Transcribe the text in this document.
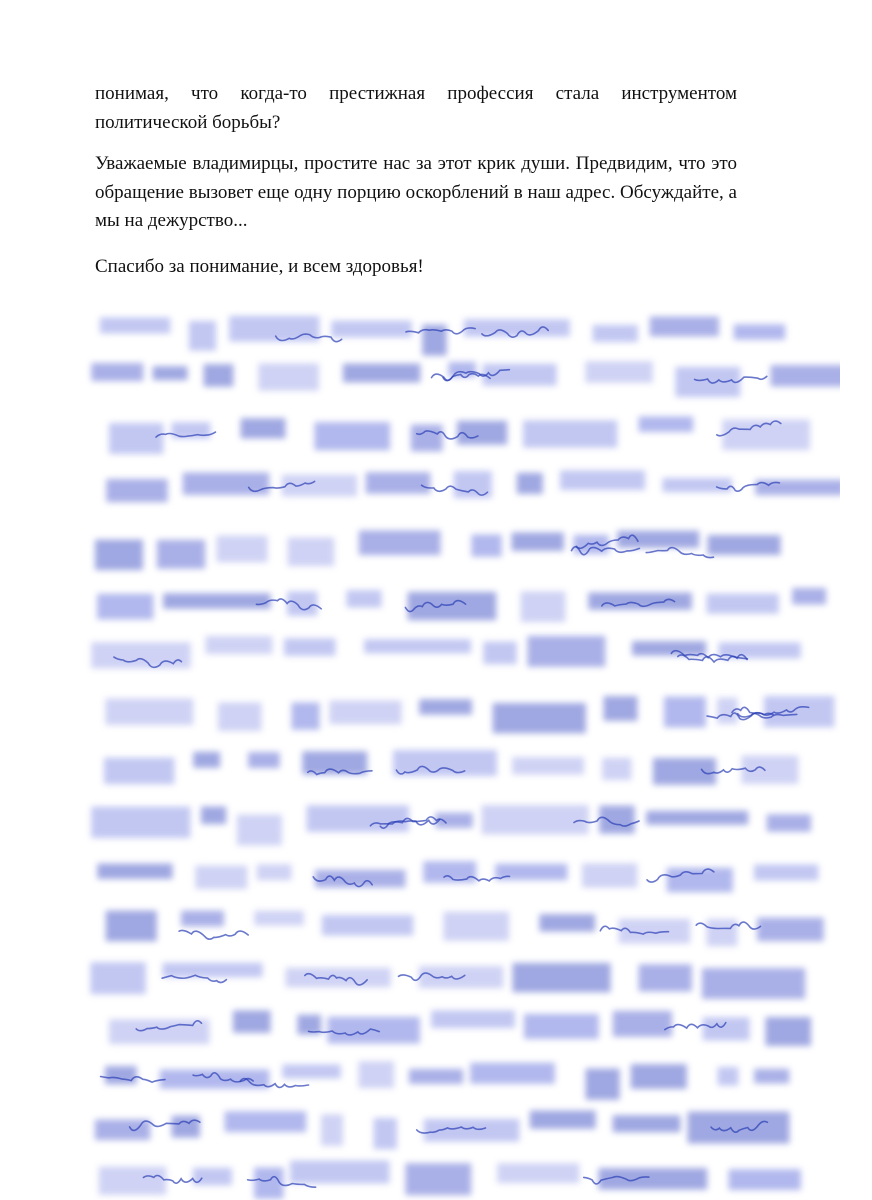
понимая, что когда-то престижная профессия стала инструментом политической борьбы?

Уважаемые владимирцы, простите нас за этот крик души. Предвидим, что это обращение вызовет еще одну порцию оскорблений в наш адрес. Обсуждайте, а мы на дежурство...

Спасибо за понимание, и всем здоровья!
